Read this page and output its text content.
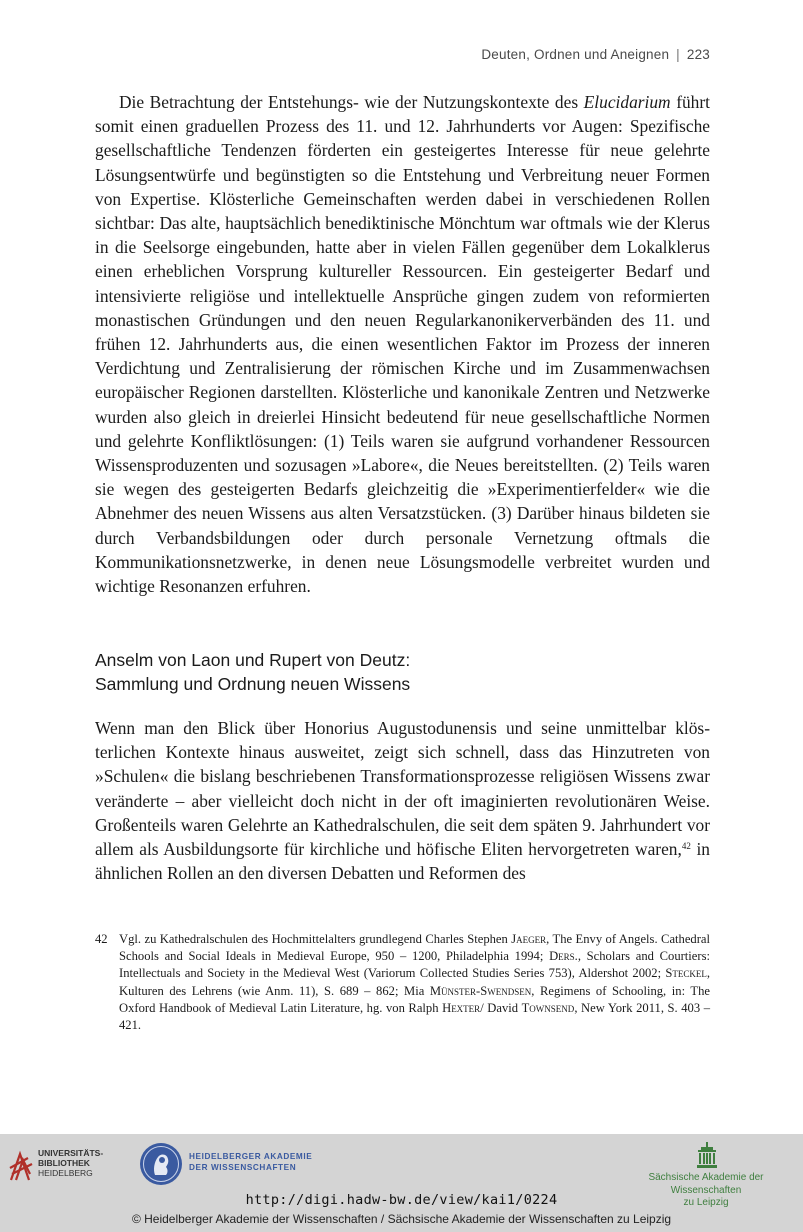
Deuten, Ordnen und Aneignen | 223
Die Betrachtung der Entstehungs- wie der Nutzungskontexte des Elucidarium führt somit einen graduellen Prozess des 11. und 12. Jahrhunderts vor Augen: Spezifische gesellschaftliche Tendenzen förderten ein gesteigertes Interesse für neue gelehrte Lösungsentwürfe und begünstigten so die Entstehung und Verbreitung neuer Formen von Expertise. Klösterliche Gemeinschaften werden dabei in verschiedenen Rollen sichtbar: Das alte, hauptsächlich benediktinische Mönchtum war oftmals wie der Klerus in die Seelsorge eingebunden, hatte aber in vielen Fällen gegenüber dem Lokalklerus einen erheblichen Vorsprung kultureller Ressourcen. Ein gesteigerter Bedarf und intensivierte religiöse und intellektuelle Ansprüche gingen zudem von reformierten monastischen Gründungen und den neuen Regularkanonikerverbänden des 11. und frühen 12. Jahrhunderts aus, die einen wesentlichen Faktor im Prozess der inneren Verdichtung und Zentralisierung der römischen Kirche und im Zusammenwachsen europäischer Regionen darstellten. Klösterliche und kanonikale Zentren und Netzwerke wurden also gleich in dreierlei Hinsicht bedeutend für neue gesellschaftliche Normen und gelehrte Konfliktlösungen: (1) Teils waren sie aufgrund vorhandener Ressourcen Wissensproduzenten und sozusagen »Labore«, die Neues bereitstellten. (2) Teils waren sie wegen des gesteigerten Bedarfs gleichzeitig die »Experimentierfelder« wie die Abnehmer des neuen Wissens aus alten Versatzstücken. (3) Darüber hinaus bildeten sie durch Verbandsbildungen oder durch personale Vernetzung oftmals die Kommunikationsnetzwerke, in denen neue Lösungsmodelle verbreitet wurden und wichtige Resonanzen erfuhren.
Anselm von Laon und Rupert von Deutz:
Sammlung und Ordnung neuen Wissens
Wenn man den Blick über Honorius Augustodunensis und seine unmittelbar klösterlichen Kontexte hinaus ausweitet, zeigt sich schnell, dass das Hinzutreten von »Schulen« die bislang beschriebenen Transformationsprozesse religiösen Wissens zwar veränderte – aber vielleicht doch nicht in der oft imaginierten revolutionären Weise. Großenteils waren Gelehrte an Kathedralschulen, die seit dem späten 9. Jahrhundert vor allem als Ausbildungsorte für kirchliche und höfische Eliten hervorgetreten waren,$^{42}$ in ähnlichen Rollen an den diversen Debatten und Reformen des
42 Vgl. zu Kathedralschulen des Hochmittelalters grundlegend Charles Stephen Jaeger, The Envy of Angels. Cathedral Schools and Social Ideals in Medieval Europe, 950 – 1200, Philadelphia 1994; Ders., Scholars and Courtiers: Intellectuals and Society in the Medieval West (Variorum Collected Studies Series 753), Aldershot 2002; Steckel, Kulturen des Lehrens (wie Anm. 11), S. 689 – 862; Mia Münster-Swendsen, Regimens of Schooling, in: The Oxford Handbook of Medieval Latin Literature, hg. von Ralph Hexter/ David Townsend, New York 2011, S. 403 – 421.
UNIVERSITÄTS-
BIBLIOTHEK
HEIDELBERG
HEIDELBERGER AKADEMIE
DER WISSENSCHAFTEN
Sächsische Akademie der Wissenschaften
zu Leipzig
http://digi.hadw-bw.de/view/kai1/0224
© Heidelberger Akademie der Wissenschaften / Sächsische Akademie der Wissenschaften zu Leipzig
